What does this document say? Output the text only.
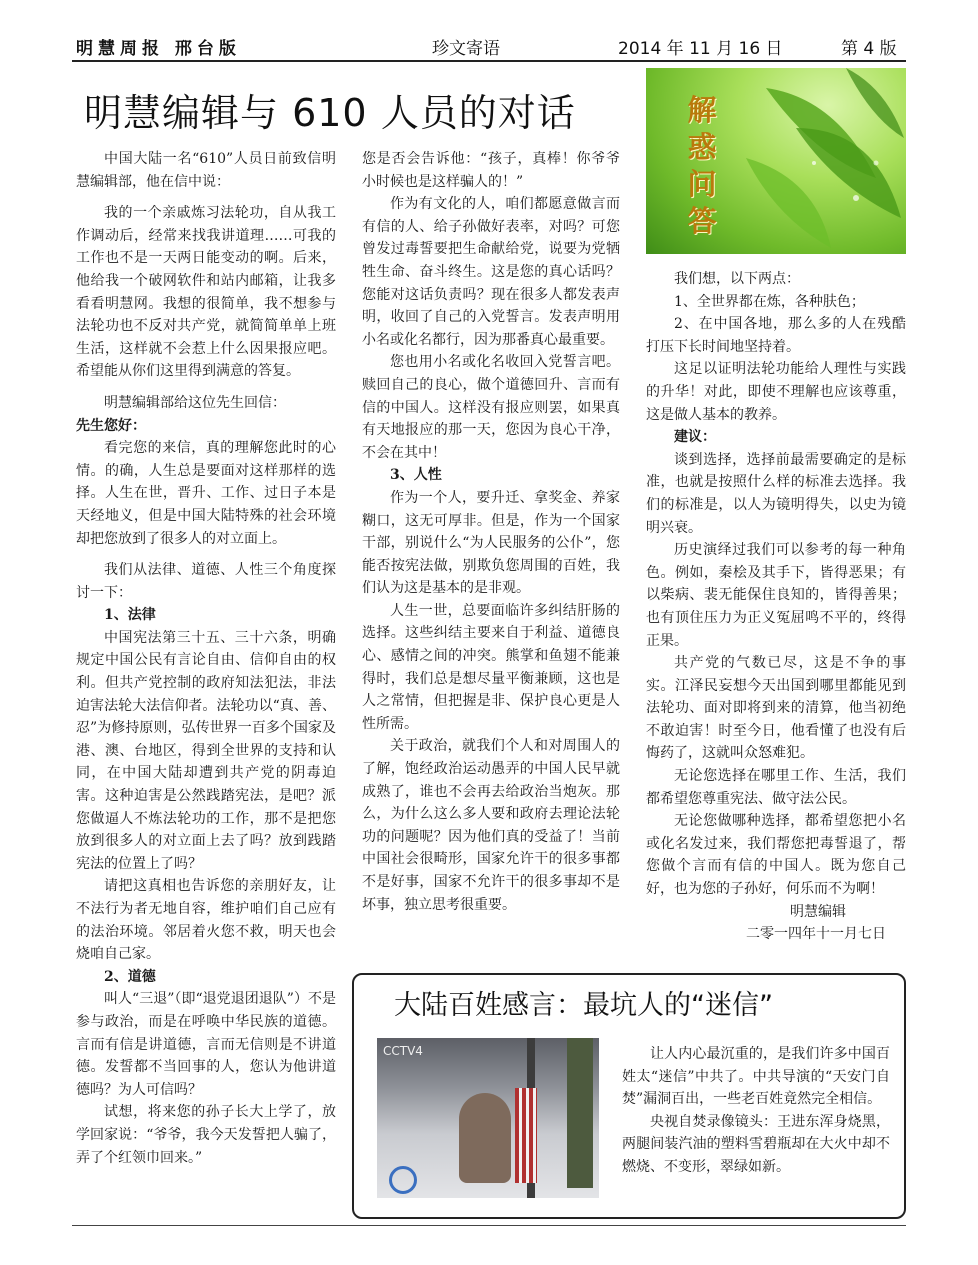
明慧周报 邢台版	珍文寄语	2014 年 11 月 16 日	第 4 版
明慧编辑与 610 人员的对话	解惑问答

中国大陆一名“610”人员日前致信明慧编辑部，他在信中说：

我的一个亲戚炼习法轮功，自从我工作调动后，经常来找我讲道理……可我的工作也不是一天两日能变动的啊。后来，他给我一个破网软件和站内邮箱，让我多看看明慧网。我想的很简单，我不想参与法轮功也不反对共产党，就简简单单上班生活，这样就不会惹上什么因果报应吧。希望能从你们这里得到满意的答复。

明慧编辑部给这位先生回信：

先生您好：

看完您的来信，真的理解您此时的心情。的确，人生总是要面对这样那样的选择。人生在世，晋升、工作、过日子本是天经地义，但是中国大陆特殊的社会环境却把您放到了很多人的对立面上。

我们从法律、道德、人性三个角度探讨一下：

1、法律

中国宪法第三十五、三十六条，明确规定中国公民有言论自由、信仰自由的权利。但共产党控制的政府知法犯法，非法迫害法轮大法信仰者。法轮功以“真、善、忍”为修持原则，弘传世界一百多个国家及港、澳、台地区，得到全世界的支持和认同，在中国大陆却遭到共产党的阴毒迫害。这种迫害是公然践踏宪法，是吧？派您做逼人不炼法轮功的工作，那不是把您放到很多人的对立面上去了吗？放到践踏宪法的位置上了吗？

请把这真相也告诉您的亲朋好友，让不法行为者无地自容，维护咱们自己应有的法治环境。邻居着火您不救，明天也会烧咱自己家。

2、道德

叫人“三退”（即“退党退团退队”）不是参与政治，而是在呼唤中华民族的道德。言而有信是讲道德，言而无信则是不讲道德。发誓都不当回事的人，您认为他讲道德吗？为人可信吗？

试想，将来您的孙子长大上学了，放学回家说：“爷爷，我今天发誓把人骗了，弄了个红领巾回来。”

您是否会告诉他：“孩子，真棒！你爷爷小时候也是这样骗人的！”

作为有文化的人，咱们都愿意做言而有信的人、给子孙做好表率，对吗？可您曾发过毒誓要把生命献给党，说要为党牺牲生命、奋斗终生。这是您的真心话吗？您能对这话负责吗？现在很多人都发表声明，收回了自己的入党誓言。发表声明用小名或化名都行，因为那番真心最重要。

您也用小名或化名收回入党誓言吧。赎回自己的良心，做个道德回升、言而有信的中国人。这样没有报应则罢，如果真有天地报应的那一天，您因为良心干净，不会在其中！

3、人性

作为一个人，要升迁、拿奖金、养家糊口，这无可厚非。但是，作为一个国家干部，别说什么“为人民服务的公仆”，您能否按宪法做，别欺负您周围的百姓，我们认为这是基本的是非观。

人生一世，总要面临许多纠结肝肠的选择。这些纠结主要来自于利益、道德良心、感情之间的冲突。熊掌和鱼翅不能兼得时，我们总是想尽量平衡兼顾，这也是人之常情，但把握是非、保护良心更是人性所需。

关于政治，就我们个人和对周围人的了解，饱经政治运动愚弄的中国人民早就成熟了，谁也不会再去给政治当炮灰。那么，为什么这么多人要和政府去理论法轮功的问题呢？因为他们真的受益了！当前中国社会很畸形，国家允许干的很多事都不是好事，国家不允许干的很多事却不是坏事，独立思考很重要。

我们想，以下两点：

1、全世界都在炼，各种肤色；

2、在中国各地，那么多的人在残酷打压下长时间地坚持着。

这足以证明法轮功能给人理性与实践的升华！对此，即使不理解也应该尊重，这是做人基本的教养。

建议：

谈到选择，选择前最需要确定的是标准，也就是按照什么样的标准去选择。我们的标准是，以人为镜明得失，以史为镜明兴衰。

历史演绎过我们可以参考的每一种角色。例如，秦桧及其手下，皆得恶果；有以柴病、裴无能保住良知的，皆得善果；也有顶住压力为正义冤屈鸣不平的，终得正果。

共产党的气数已尽，这是不争的事实。江泽民妄想今天出国到哪里都能见到法轮功、面对即将到来的清算，他当初绝不敢迫害！时至今日，他看懂了也没有后悔药了，这就叫众怒难犯。

无论您选择在哪里工作、生活，我们都希望您尊重宪法、做守法公民。

无论您做哪种选择，都希望您把小名或化名发过来，我们帮您把毒誓退了，帮您做个言而有信的中国人。既为您自己好，也为您的子孙好，何乐而不为啊！

明慧编辑

二零一四年十一月七日

大陆百姓感言：最坑人的“迷信”
CCTV4	让人内心最沉重的，是我们许多中国百姓太“迷信”中共了。中共导演的“天安门自焚”漏洞百出，一些老百姓竟然完全相信。

央视自焚录像镜头：王进东浑身烧黑，两腿间装汽油的塑料雪碧瓶却在大火中却不燃烧、不变形，翠绿如新。
